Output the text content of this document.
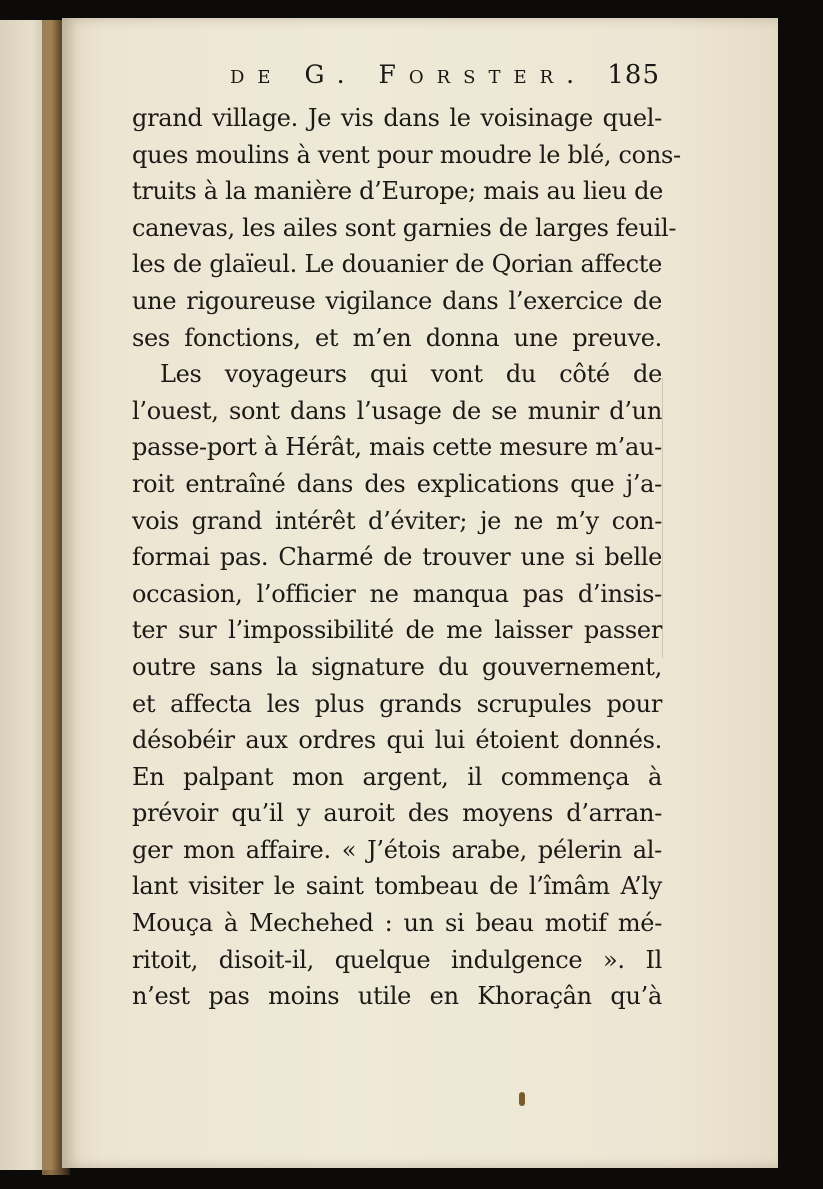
de G. Forster. 185
grand village. Je vis dans le voisinage quel-
ques moulins à vent pour moudre le blé, cons-
truits à la manière d’Europe; mais au lieu de
canevas, les ailes sont garnies de larges feuil-
les de glaïeul. Le douanier de Qorian affecte
une rigoureuse vigilance dans l’exercice de
ses fonctions, et m’en donna une preuve.
Les voyageurs qui vont du côté de
l’ouest, sont dans l’usage de se munir d’un
passe-port à Hérât, mais cette mesure m’au-
roit entraîné dans des explications que j’a-
vois grand intérêt d’éviter; je ne m’y con-
formai pas. Charmé de trouver une si belle
occasion, l’officier ne manqua pas d’insis-
ter sur l’impossibilité de me laisser passer
outre sans la signature du gouvernement,
et affecta les plus grands scrupules pour
désobéir aux ordres qui lui étoient donnés.
En palpant mon argent, il commença à
prévoir qu’il y auroit des moyens d’arran-
ger mon affaire. « J’étois arabe, pélerin al-
lant visiter le saint tombeau de l’îmâm A’ly
Mouça à Mechehed : un si beau motif mé-
ritoit, disoit-il, quelque indulgence ». Il
n’est pas moins utile en Khoraçân qu’à
